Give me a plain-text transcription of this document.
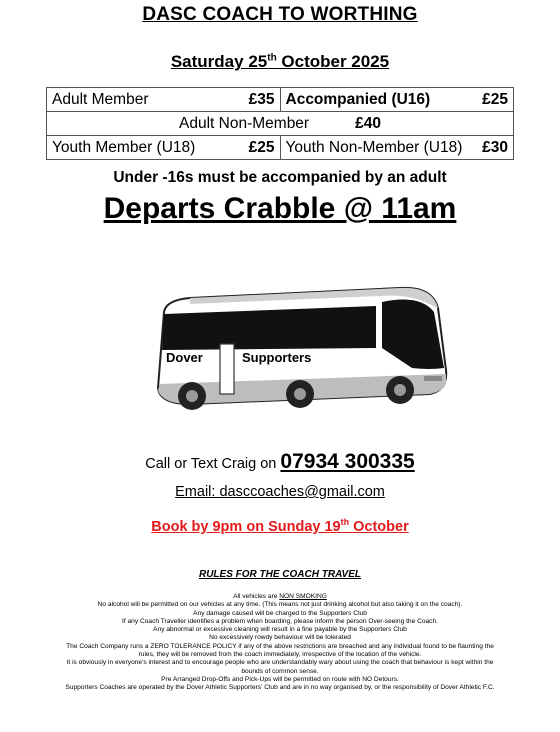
DASC COACH TO WORTHING
Saturday 25th October 2025
Adult Member £35	Accompanied (U16) £25

Adult Non-Member £40	

Youth Member (U18) £25	Youth Non-Member (U18) £30
Under -16s must be accompanied by an adult
Departs Crabble @ 11am
Dover	Supporters
Call or Text Craig on 07934 300335
Email: dasccoaches@gmail.com
Book by 9pm on Sunday 19th October
RULES FOR THE COACH TRAVEL
All vehicles are NON SMOKING
No alcohol will be permitted on our vehicles at any time. (This means not just drinking alcohol but also taking it on the coach).
Any damage caused will be charged to the Supporters Club
If any Coach Traveller identifies a problem when boarding, please inform the person Over-seeing the Coach.
Any abnormal or excessive cleaning will result in a fine payable by the Supporters Club
No excessively rowdy behaviour will be tolerated
The Coach Company runs a ZERO TOLERANCE POLICY if any of the above restrictions are breached and any individual found to be flaunting the
rules, they will be removed from the coach immediately, irrespective of the location of the vehicle.
It is obviously in everyone's interest and to encourage people who are understandably wary about using the coach that behaviour is kept within the
bounds of common sense.
Pre Arranged Drop-Offs and Pick-Ups will be permitted on route with NO Detours.
Supporters Coaches are operated by the Dover Athletic Supporters' Club and are in no way organised by, or the responsibility of Dover Athletic F.C.
